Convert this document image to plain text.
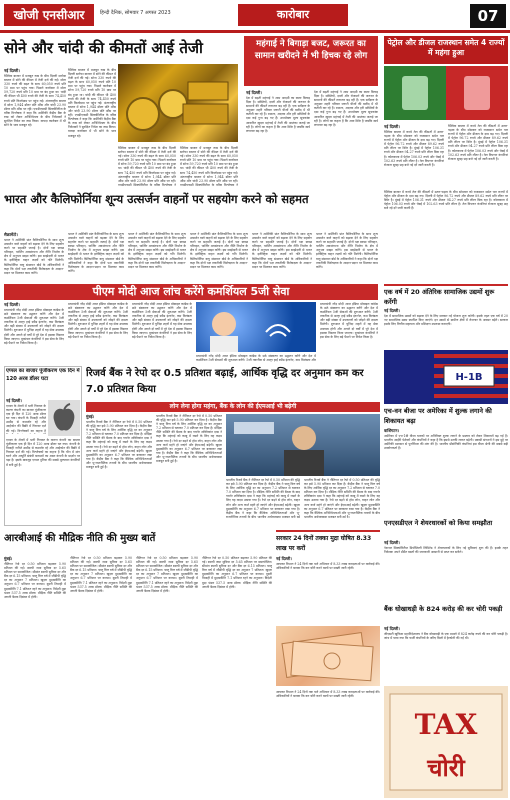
खोजी एनसीआर	हिन्दी दैनिक, सोमवार 7 अगस्त 2023	कारोबार	07
सोने और चांदी की कीमतों आई तेजी
नई दिल्ली।
वैश्विक बाजार में मजबूत रुख के बीच दिल्ली सर्राफा बाजार में सोने की कीमत में तेजी दर्ज की गई। सोना 330 रुपये की बढ़त के साथ 60,050 रुपये प्रति 10 ग्राम पर पहुंच गया। पिछले कारोबार में सोना 59,720 रुपये प्रति 10 ग्राम पर बंद हुआ था। चांदी की कीमत भी 400 रुपये की तेजी के साथ 74,450 रुपये प्रति किलोग्राम पर पहुंच गई। अंतरराष्ट्रीय बाजार में सोना 1,944 डॉलर प्रति औंस और चांदी 23.90 डॉलर प्रति औंस पर रही। एचडीएफसी सिक्योरिटीज के वरिष्ठ विश्लेषक ने कहा कि अमेरिकी केंद्रीय बैंक के रुख को लेकर अनिश्चितता के बीच निवेशकों ने सुरक्षित निवेश का रुख किया। वायदा कारोबार में भी सोने के भाव मजबूत रहे।
वैश्विक बाजार में मजबूत रुख के बीच दिल्ली सर्राफा बाजार में सोने की कीमत में तेजी दर्ज की गई। सोना 330 रुपये की बढ़त के साथ 60,050 रुपये प्रति 10 ग्राम पर पहुंच गया। पिछले कारोबार में सोना 59,720 रुपये प्रति 10 ग्राम पर बंद हुआ था। चांदी की कीमत भी 400 रुपये की तेजी के साथ 74,450 रुपये प्रति किलोग्राम पर पहुंच गई। अंतरराष्ट्रीय बाजार में सोना 1,944 डॉलर प्रति औंस और चांदी 23.90 डॉलर प्रति औंस पर रही। एचडीएफसी सिक्योरिटीज के वरिष्ठ विश्लेषक ने कहा कि अमेरिकी केंद्रीय बैंक के रुख को लेकर अनिश्चितता के बीच निवेशकों ने सुरक्षित निवेश का रुख किया। वायदा कारोबार में भी सोने के भाव मजबूत रहे।
वैश्विक बाजार में मजबूत रुख के बीच दिल्ली सर्राफा बाजार में सोने की कीमत में तेजी दर्ज की गई। सोना 330 रुपये की बढ़त के साथ 60,050 रुपये प्रति 10 ग्राम पर पहुंच गया। पिछले कारोबार में सोना 59,720 रुपये प्रति 10 ग्राम पर बंद हुआ था। चांदी की कीमत भी 400 रुपये की तेजी के साथ 74,450 रुपये प्रति किलोग्राम पर पहुंच गई। अंतरराष्ट्रीय बाजार में सोना 1,944 डॉलर प्रति औंस और चांदी 23.90 डॉलर प्रति औंस पर रही। एचडीएफसी सिक्योरिटीज के वरिष्ठ विश्लेषक ने
वैश्विक बाजार में मजबूत रुख के बीच दिल्ली सर्राफा बाजार में सोने की कीमत में तेजी दर्ज की गई। सोना 330 रुपये की बढ़त के साथ 60,050 रुपये प्रति 10 ग्राम पर पहुंच गया। पिछले कारोबार में सोना 59,720 रुपये प्रति 10 ग्राम पर बंद हुआ था। चांदी की कीमत भी 400 रुपये की तेजी के साथ 74,450 रुपये प्रति किलोग्राम पर पहुंच गई। अंतरराष्ट्रीय बाजार में सोना 1,944 डॉलर प्रति औंस और चांदी 23.90 डॉलर प्रति औंस पर रही। एचडीएफसी सिक्योरिटीज के वरिष्ठ विश्लेषक ने
महंगाई ने बिगाड़ा बजट, जरूरत का सामान खरीदने में भी हिचक रहे लोग
नई दिल्ली।
देश में बढ़ती महंगाई ने आम आदमी का बजट बिगाड़ दिया है। सब्जियों, दालों और रोजमर्रा की जरूरत के सामानों की कीमतें लगातार बढ़ रही हैं। एक सर्वेक्षण के अनुसार शहरी परिवार जरूरी चीजों की खरीद में भी कटौती कर रहे हैं। टमाटर, अदरक और हरी सब्जियों के दाम कई गुना बढ़ गए हैं। उपभोक्ता मूल्य सूचकांक आधारित खुदरा महंगाई में तेजी की आशंका जताई जा रही है। लोगों का कहना है कि आय स्थिर है जबकि खर्च लगातार बढ़ रहा है।
देश में बढ़ती महंगाई ने आम आदमी का बजट बिगाड़ दिया है। सब्जियों, दालों और रोजमर्रा की जरूरत के सामानों की कीमतें लगातार बढ़ रही हैं। एक सर्वेक्षण के अनुसार शहरी परिवार जरूरी चीजों की खरीद में भी कटौती कर रहे हैं। टमाटर, अदरक और हरी सब्जियों के दाम कई गुना बढ़ गए हैं। उपभोक्ता मूल्य सूचकांक आधारित खुदरा महंगाई में तेजी की आशंका जताई जा रही है। लोगों का कहना है कि आय स्थिर है जबकि खर्च लगातार बढ़ रहा है।
पेट्रोल और डीजल राजस्थान समेत 4 राज्यों में महंगा हुआ
नई दिल्ली।
वैश्विक बाजार में कच्चे तेल की कीमतों में उतार-चढ़ाव के बीच सोमवार को राजस्थान समेत चार राज्यों में पेट्रोल और डीजल के दाम बढ़ गए। दिल्ली में पेट्रोल 96.72 रुपये और डीजल 89.62 रुपये प्रति लीटर पर स्थिर है। मुंबई में पेट्रोल 106.31 रुपये और डीजल 94.27 रुपये प्रति लीटर बिक रहा है। कोलकाता में पेट्रोल 106.03 रुपये और चेन्नई में 102.63 रुपये प्रति लीटर है। तेल विपणन कंपनियां रोजाना सुबह छह बजे नई दरें जारी करती हैं।
वैश्विक बाजार में कच्चे तेल की कीमतों में उतार-चढ़ाव के बीच सोमवार को राजस्थान समेत चार राज्यों में पेट्रोल और डीजल के दाम बढ़ गए। दिल्ली में पेट्रोल 96.72 रुपये और डीजल 89.62 रुपये प्रति लीटर पर स्थिर है। मुंबई में पेट्रोल 106.31 रुपये और डीजल 94.27 रुपये प्रति लीटर बिक रहा है। कोलकाता में पेट्रोल 106.03 रुपये और चेन्नई में 102.63 रुपये प्रति लीटर है। तेल विपणन कंपनियां रोजाना सुबह छह बजे नई दरें जारी करती हैं।
भारत और कैलिफोर्निया शून्य उत्सर्जन वाहनों पर सहयोग करने को सहमत
सैक्रामेंटो।
भारत ने अमेरिकी प्रांत कैलिफोर्निया के साथ शून्य उत्सर्जन वाले वाहनों को बढ़ावा देने के लिए सहयोग करने पर सहमति जताई है। दोनों पक्ष स्वच्छ परिवहन, चार्जिंग अवसंरचना और नीति निर्माण के क्षेत्र में अनुभव साझा करेंगे। इस साझेदारी से भारत के इलेक्ट्रिक वाहन लक्ष्यों को गति मिलेगी। कैलिफोर्निया वायु संसाधन बोर्ड के अधिकारियों ने कहा कि दोनों पक्ष तकनीकी विशेषज्ञता के आदान-प्रदान पर मिलकर काम करेंगे।
भारत ने अमेरिकी प्रांत कैलिफोर्निया के साथ शून्य उत्सर्जन वाले वाहनों को बढ़ावा देने के लिए सहयोग करने पर सहमति जताई है। दोनों पक्ष स्वच्छ परिवहन, चार्जिंग अवसंरचना और नीति निर्माण के क्षेत्र में अनुभव साझा करेंगे। इस साझेदारी से भारत के इलेक्ट्रिक वाहन लक्ष्यों को गति मिलेगी। कैलिफोर्निया वायु संसाधन बोर्ड के अधिकारियों ने कहा कि दोनों पक्ष तकनीकी विशेषज्ञता के आदान-प्रदान पर मिलकर काम करेंगे।
भारत ने अमेरिकी प्रांत कैलिफोर्निया के साथ शून्य उत्सर्जन वाले वाहनों को बढ़ावा देने के लिए सहयोग करने पर सहमति जताई है। दोनों पक्ष स्वच्छ परिवहन, चार्जिंग अवसंरचना और नीति निर्माण के क्षेत्र में अनुभव साझा करेंगे। इस साझेदारी से भारत के इलेक्ट्रिक वाहन लक्ष्यों को गति मिलेगी। कैलिफोर्निया वायु संसाधन बोर्ड के अधिकारियों ने कहा कि दोनों पक्ष तकनीकी विशेषज्ञता के आदान-प्रदान पर मिलकर काम करेंगे।
भारत ने अमेरिकी प्रांत कैलिफोर्निया के साथ शून्य उत्सर्जन वाले वाहनों को बढ़ावा देने के लिए सहयोग करने पर सहमति जताई है। दोनों पक्ष स्वच्छ परिवहन, चार्जिंग अवसंरचना और नीति निर्माण के क्षेत्र में अनुभव साझा करेंगे। इस साझेदारी से भारत के इलेक्ट्रिक वाहन लक्ष्यों को गति मिलेगी। कैलिफोर्निया वायु संसाधन बोर्ड के अधिकारियों ने कहा कि दोनों पक्ष तकनीकी विशेषज्ञता के आदान-प्रदान पर मिलकर काम करेंगे।
भारत ने अमेरिकी प्रांत कैलिफोर्निया के साथ शून्य उत्सर्जन वाले वाहनों को बढ़ावा देने के लिए सहयोग करने पर सहमति जताई है। दोनों पक्ष स्वच्छ परिवहन, चार्जिंग अवसंरचना और नीति निर्माण के क्षेत्र में अनुभव साझा करेंगे। इस साझेदारी से भारत के इलेक्ट्रिक वाहन लक्ष्यों को गति मिलेगी। कैलिफोर्निया वायु संसाधन बोर्ड के अधिकारियों ने कहा कि दोनों पक्ष तकनीकी विशेषज्ञता के आदान-प्रदान पर मिलकर काम करेंगे।
भारत ने अमेरिकी प्रांत कैलिफोर्निया के साथ शून्य उत्सर्जन वाले वाहनों को बढ़ावा देने के लिए सहयोग करने पर सहमति जताई है। दोनों पक्ष स्वच्छ परिवहन, चार्जिंग अवसंरचना और नीति निर्माण के क्षेत्र में अनुभव साझा करेंगे। इस साझेदारी से भारत के इलेक्ट्रिक वाहन लक्ष्यों को गति मिलेगी। कैलिफोर्निया वायु संसाधन बोर्ड के अधिकारियों ने कहा कि दोनों पक्ष तकनीकी विशेषज्ञता के आदान-प्रदान पर मिलकर काम करेंगे।
वैश्विक बाजार में कच्चे तेल की कीमतों में उतार-चढ़ाव के बीच सोमवार को राजस्थान समेत चार राज्यों में पेट्रोल और डीजल के दाम बढ़ गए। दिल्ली में पेट्रोल 96.72 रुपये और डीजल 89.62 रुपये प्रति लीटर पर स्थिर है। मुंबई में पेट्रोल 106.31 रुपये और डीजल 94.27 रुपये प्रति लीटर बिक रहा है। कोलकाता में पेट्रोल 106.03 रुपये और चेन्नई में 102.63 रुपये प्रति लीटर है। तेल विपणन कंपनियां रोजाना सुबह छह बजे नई दरें जारी करती हैं।
पीएम मोदी आज लांच करेंगे कमर्शियल 5जी सेवा
नई दिल्ली।
प्रधानमंत्री नरेंद्र मोदी आज इंडिया मोबाइल कांग्रेस के छठे संस्करण का उद्घाटन करेंगे और देश में कमर्शियल 5जी सेवाओं की शुरुआत करेंगे। 5जी तकनीक से अल्ट्रा हाई स्पीड इंटरनेट, कम विलंबता और बड़ी संख्या में उपकरणों को जोड़ने की क्षमता मिलेगी। शुरुआत में चुनिंदा शहरों में यह सेवा उपलब्ध होगी और अगले दो वर्षों में पूरे देश में इसका विस्तार किया जाएगा। दूरसंचार कंपनियों ने इस सेवा के लिए बड़े पैमाने पर निवेश किया है।
प्रधानमंत्री नरेंद्र मोदी आज इंडिया मोबाइल कांग्रेस के छठे संस्करण का उद्घाटन करेंगे और देश में कमर्शियल 5जी सेवाओं की शुरुआत करेंगे। 5जी तकनीक से अल्ट्रा हाई स्पीड इंटरनेट, कम विलंबता और बड़ी संख्या में उपकरणों को जोड़ने की क्षमता मिलेगी। शुरुआत में चुनिंदा शहरों में यह सेवा उपलब्ध होगी और अगले दो वर्षों में पूरे देश में इसका विस्तार किया जाएगा। दूरसंचार कंपनियों ने इस सेवा के लिए बड़े पैमाने पर निवेश किया है।
प्रधानमंत्री नरेंद्र मोदी आज इंडिया मोबाइल कांग्रेस के छठे संस्करण का उद्घाटन करेंगे और देश में कमर्शियल 5जी सेवाओं की शुरुआत करेंगे। 5जी तकनीक से अल्ट्रा हाई स्पीड इंटरनेट, कम विलंबता और बड़ी संख्या में उपकरणों को जोड़ने की क्षमता मिलेगी। शुरुआत में चुनिंदा शहरों में यह सेवा उपलब्ध होगी और अगले दो वर्षों में पूरे देश में इसका विस्तार किया जाएगा। दूरसंचार कंपनियों ने इस सेवा के लिए बड़े पैमाने पर निवेश किया है।
प्रधानमंत्री नरेंद्र मोदी आज इंडिया मोबाइल कांग्रेस के छठे संस्करण का उद्घाटन करेंगे और देश में कमर्शियल 5जी सेवाओं की शुरुआत करेंगे। 5जी तकनीक से अल्ट्रा हाई स्पीड इंटरनेट, कम विलंबता और
प्रधानमंत्री नरेंद्र मोदी आज इंडिया मोबाइल कांग्रेस के छठे संस्करण का उद्घाटन करेंगे और देश में कमर्शियल 5जी सेवाओं की शुरुआत करेंगे। 5जी तकनीक से अल्ट्रा हाई स्पीड इंटरनेट, कम विलंबता और बड़ी संख्या में उपकरणों को जोड़ने की क्षमता मिलेगी। शुरुआत में चुनिंदा शहरों में यह सेवा उपलब्ध होगी और अगले दो वर्षों में पूरे देश में इसका विस्तार किया जाएगा। दूरसंचार कंपनियों ने इस सेवा के लिए बड़े पैमाने पर निवेश किया है।
एक वर्ष में 20 अंतिरिक सामाजिक उद्यमों शुरू करेंगी
नई दिल्ली।
देश में सामाजिक उद्यमों को बढ़ावा देने के लिए सरकार नई योजना शुरू करेगी। इसके तहत एक वर्ष में 20 नए सामाजिक उद्यम स्थापित किए जाएंगे। इन उद्यमों से ग्रामीण क्षेत्रों में रोजगार के अवसर बढ़ेंगे। सरकार इसके लिए वित्तीय सहायता और प्रशिक्षण उपलब्ध कराएगी।
H-1B
एच-वन बीजा पर अमेरिका में शुल्क लगाने की शिकायत बढ़ा
वाशिंगटन।
अमेरिका में एच-1बी वीजा धारकों पर अतिरिक्त शुल्क लगाने के प्रस्ताव को लेकर शिकायतें बढ़ गई हैं। भारतीय आईटी पेशेवरों और कंपनियों ने कहा है कि इससे उनकी लागत बढ़ेगी। प्रवासी संगठनों ने इस मुद्दे पर अमेरिकी प्रशासन से पुनर्विचार की मांग की है। भारतीय प्रौद्योगिकी कंपनियां इस वीजा श्रेणी की सबसे बड़ी उपयोगकर्ता हैं।
एप्पल का बाजार पूंजीकरण एक दिन में 120 अरब डॉलर घटा
नई दिल्ली।
एप्पल के शेयरों में भारी गिरावट के कारण कंपनी का बाजार पूंजीकरण एक ही दिन में 120 अरब डॉलर घट गया। कंपनी के तिमाही नतीजे उम्मीद से कमजोर रहे और आईफोन की बिक्री में गिरावट दर्ज की गई। विश्लेषकों का कहना है
एप्पल के शेयरों में भारी गिरावट के कारण कंपनी का बाजार पूंजीकरण एक ही दिन में 120 अरब डॉलर घट गया। कंपनी के तिमाही नतीजे उम्मीद से कमजोर रहे और आईफोन की बिक्री में गिरावट दर्ज की गई। विश्लेषकों का कहना है कि चीन में मांग घटने और आपूर्ति संबंधी बाधाओं का असर कंपनी के प्रदर्शन पर पड़ा है। इसके बावजूद एप्पल दुनिया की सबसे मूल्यवान कंपनियों में बनी हुई है।
रिजर्व बैंक ने रेपो दर 0.5 प्रतिशत बढ़ाई, आर्थिक वृद्धि दर अनुमान कम कर 7.0 प्रतिशत किया
लोन लेना होगा महंगा, बैंक के लोन की ईएमआई भी बढ़ेगी
मुंबई।
भारतीय रिजर्व बैंक ने नीतिगत दर रेपो में 0.50 प्रतिशत की वृद्धि कर इसे 5.90 प्रतिशत कर दिया है। केंद्रीय बैंक ने चालू वित्त वर्ष के लिए आर्थिक वृद्धि दर का अनुमान 7.2 प्रतिशत से घटाकर 7.0 प्रतिशत कर दिया है। मौद्रिक नीति समिति की बैठक के बाद गवर्नर शक्तिकांत दास ने कहा कि महंगाई को काबू में रखने के लिए यह कदम उठाया गया है। रेपो दर बढ़ने से होम लोन, वाहन लोन और अन्य कर्ज महंगे हो जाएंगे और ईएमआई बढ़ेगी। खुदरा मुद्रास्फीति का अनुमान 6.7 प्रतिशत पर बरकरार रखा गया है। केंद्रीय बैंक ने कहा कि वैश्विक अनिश्चितताओं और भू-राजनीतिक तनावों के बीच भारतीय अर्थव्यवस्था मजबूत बनी हुई है।
भारतीय रिजर्व बैंक ने नीतिगत दर रेपो में 0.50 प्रतिशत की वृद्धि कर इसे 5.90 प्रतिशत कर दिया है। केंद्रीय बैंक ने चालू वित्त वर्ष के लिए आर्थिक वृद्धि दर का अनुमान 7.2 प्रतिशत से घटाकर 7.0 प्रतिशत कर दिया है। मौद्रिक नीति समिति की बैठक के बाद गवर्नर शक्तिकांत दास ने कहा कि महंगाई को काबू में रखने के लिए यह कदम उठाया गया है। रेपो दर बढ़ने से होम लोन, वाहन लोन और अन्य कर्ज महंगे हो जाएंगे और ईएमआई बढ़ेगी। खुदरा मुद्रास्फीति का अनुमान 6.7 प्रतिशत पर बरकरार रखा गया है। केंद्रीय बैंक ने कहा कि वैश्विक अनिश्चितताओं और भू-राजनीतिक तनावों के बीच भारतीय अर्थव्यवस्था मजबूत बनी हुई है।
भारतीय रिजर्व बैंक ने नीतिगत दर रेपो में 0.50 प्रतिशत की वृद्धि कर इसे 5.90 प्रतिशत कर दिया है। केंद्रीय बैंक ने चालू वित्त वर्ष के लिए आर्थिक वृद्धि दर का अनुमान 7.2 प्रतिशत से घटाकर 7.0 प्रतिशत कर दिया है। मौद्रिक नीति समिति की बैठक के बाद गवर्नर शक्तिकांत दास ने कहा कि महंगाई को काबू में रखने के लिए यह कदम उठाया गया है। रेपो दर बढ़ने से होम लोन, वाहन लोन और अन्य कर्ज महंगे हो जाएंगे और ईएमआई बढ़ेगी। खुदरा मुद्रास्फीति का अनुमान 6.7 प्रतिशत पर बरकरार रखा गया है। केंद्रीय बैंक ने कहा कि वैश्विक अनिश्चितताओं और भू-राजनीतिक तनावों के बीच भारतीय अर्थव्यवस्था मजबूत बनी हुई
भारतीय रिजर्व बैंक ने नीतिगत दर रेपो में 0.50 प्रतिशत की वृद्धि कर इसे 5.90 प्रतिशत कर दिया है। केंद्रीय बैंक ने चालू वित्त वर्ष के लिए आर्थिक वृद्धि दर का अनुमान 7.2 प्रतिशत से घटाकर 7.0 प्रतिशत कर दिया है। मौद्रिक नीति समिति की बैठक के बाद गवर्नर शक्तिकांत दास ने कहा कि महंगाई को काबू में रखने के लिए यह कदम उठाया गया है। रेपो दर बढ़ने से होम लोन, वाहन लोन और अन्य कर्ज महंगे हो जाएंगे और ईएमआई बढ़ेगी। खुदरा मुद्रास्फीति का अनुमान 6.7 प्रतिशत पर बरकरार रखा गया है। केंद्रीय बैंक ने कहा कि वैश्विक अनिश्चितताओं और भू-राजनीतिक तनावों के बीच भारतीय अर्थव्यवस्था मजबूत बनी हुई है।
एनएसडीएल ने शेयरधारकों को किया समझौता
नई दिल्ली।
नेशनल सिक्योरिटीज डिपॉजिटरी लिमिटेड ने शेयरधारकों के लिए नई सुविधाएं शुरू की हैं। इसके तहत निवेशक अपने डीमैट खातों की जानकारी आसानी से प्राप्त कर सकेंगे।
बैंक धोखाधड़ी के 824 करोड़ की कर चोरी पकड़ी
नई दिल्ली।
जीएसटी खुफिया महानिदेशालय ने बैंक धोखाधड़ी के एक मामले में 824 करोड़ रुपये की कर चोरी पकड़ी है। जांच में पाया गया कि फर्जी कंपनियों के जरिए बिलों में हेराफेरी की गई थी।
TAX
चोरी
आरबीआई की मौद्रिक नीति की मुख्य बातें
मुंबई।
नीतिगत रेपो दर 0.50 प्रतिशत बढ़ाकर 5.90 प्रतिशत की गई। स्थायी जमा सुविधा दर 5.65 प्रतिशत पर समायोजित। सीमांत स्थायी सुविधा दर और बैंक दर 6.15 प्रतिशत। चालू वित्त वर्ष में जीडीपी वृद्धि दर का अनुमान 7 प्रतिशत। खुदरा मुद्रास्फीति का अनुमान 6.7 प्रतिशत पर कायम। दूसरी तिमाही में मुद्रास्फीति 7.1 प्रतिशत रहने का अनुमान। विदेशी मुद्रा भंडार 537.5 अरब डॉलर। मौद्रिक नीति समिति की अगली बैठक दिसंबर में होगी।
नीतिगत रेपो दर 0.50 प्रतिशत बढ़ाकर 5.90 प्रतिशत की गई। स्थायी जमा सुविधा दर 5.65 प्रतिशत पर समायोजित। सीमांत स्थायी सुविधा दर और बैंक दर 6.15 प्रतिशत। चालू वित्त वर्ष में जीडीपी वृद्धि दर का अनुमान 7 प्रतिशत। खुदरा मुद्रास्फीति का अनुमान 6.7 प्रतिशत पर कायम। दूसरी तिमाही में मुद्रास्फीति 7.1 प्रतिशत रहने का अनुमान। विदेशी मुद्रा भंडार 537.5 अरब डॉलर। मौद्रिक नीति समिति की अगली बैठक दिसंबर में होगी।
नीतिगत रेपो दर 0.50 प्रतिशत बढ़ाकर 5.90 प्रतिशत की गई। स्थायी जमा सुविधा दर 5.65 प्रतिशत पर समायोजित। सीमांत स्थायी सुविधा दर और बैंक दर 6.15 प्रतिशत। चालू वित्त वर्ष में जीडीपी वृद्धि दर का अनुमान 7 प्रतिशत। खुदरा मुद्रास्फीति का अनुमान 6.7 प्रतिशत पर कायम। दूसरी तिमाही में मुद्रास्फीति 7.1 प्रतिशत रहने का अनुमान। विदेशी मुद्रा भंडार 537.5 अरब डॉलर। मौद्रिक नीति समिति की अगली बैठक दिसंबर में होगी।
नीतिगत रेपो दर 0.50 प्रतिशत बढ़ाकर 5.90 प्रतिशत की गई। स्थायी जमा सुविधा दर 5.65 प्रतिशत पर समायोजित। सीमांत स्थायी सुविधा दर और बैंक दर 6.15 प्रतिशत। चालू वित्त वर्ष में जीडीपी वृद्धि दर का अनुमान 7 प्रतिशत। खुदरा मुद्रास्फीति का अनुमान 6.7 प्रतिशत पर कायम। दूसरी तिमाही में मुद्रास्फीति 7.1 प्रतिशत रहने का अनुमान। विदेशी मुद्रा भंडार 537.5 अरब डॉलर। मौद्रिक नीति समिति की अगली बैठक दिसंबर में होगी।
सरकार 24 दिनों तक्का मुद्रा घोषित 8.33 लाख पर करों
नई दिल्ली।
आयकर विभाग ने 24 दिनों तक चले अभियान में 8.33 लाख करदाताओं पर कार्रवाई की। अधिकारियों ने बताया कि कर चोरी करने वालों पर सख्ती जारी रहेगी।
आयकर विभाग ने 24 दिनों तक चले अभियान में 8.33 लाख करदाताओं पर कार्रवाई की। अधिकारियों ने बताया कि कर चोरी करने वालों पर सख्ती जारी रहेगी।
